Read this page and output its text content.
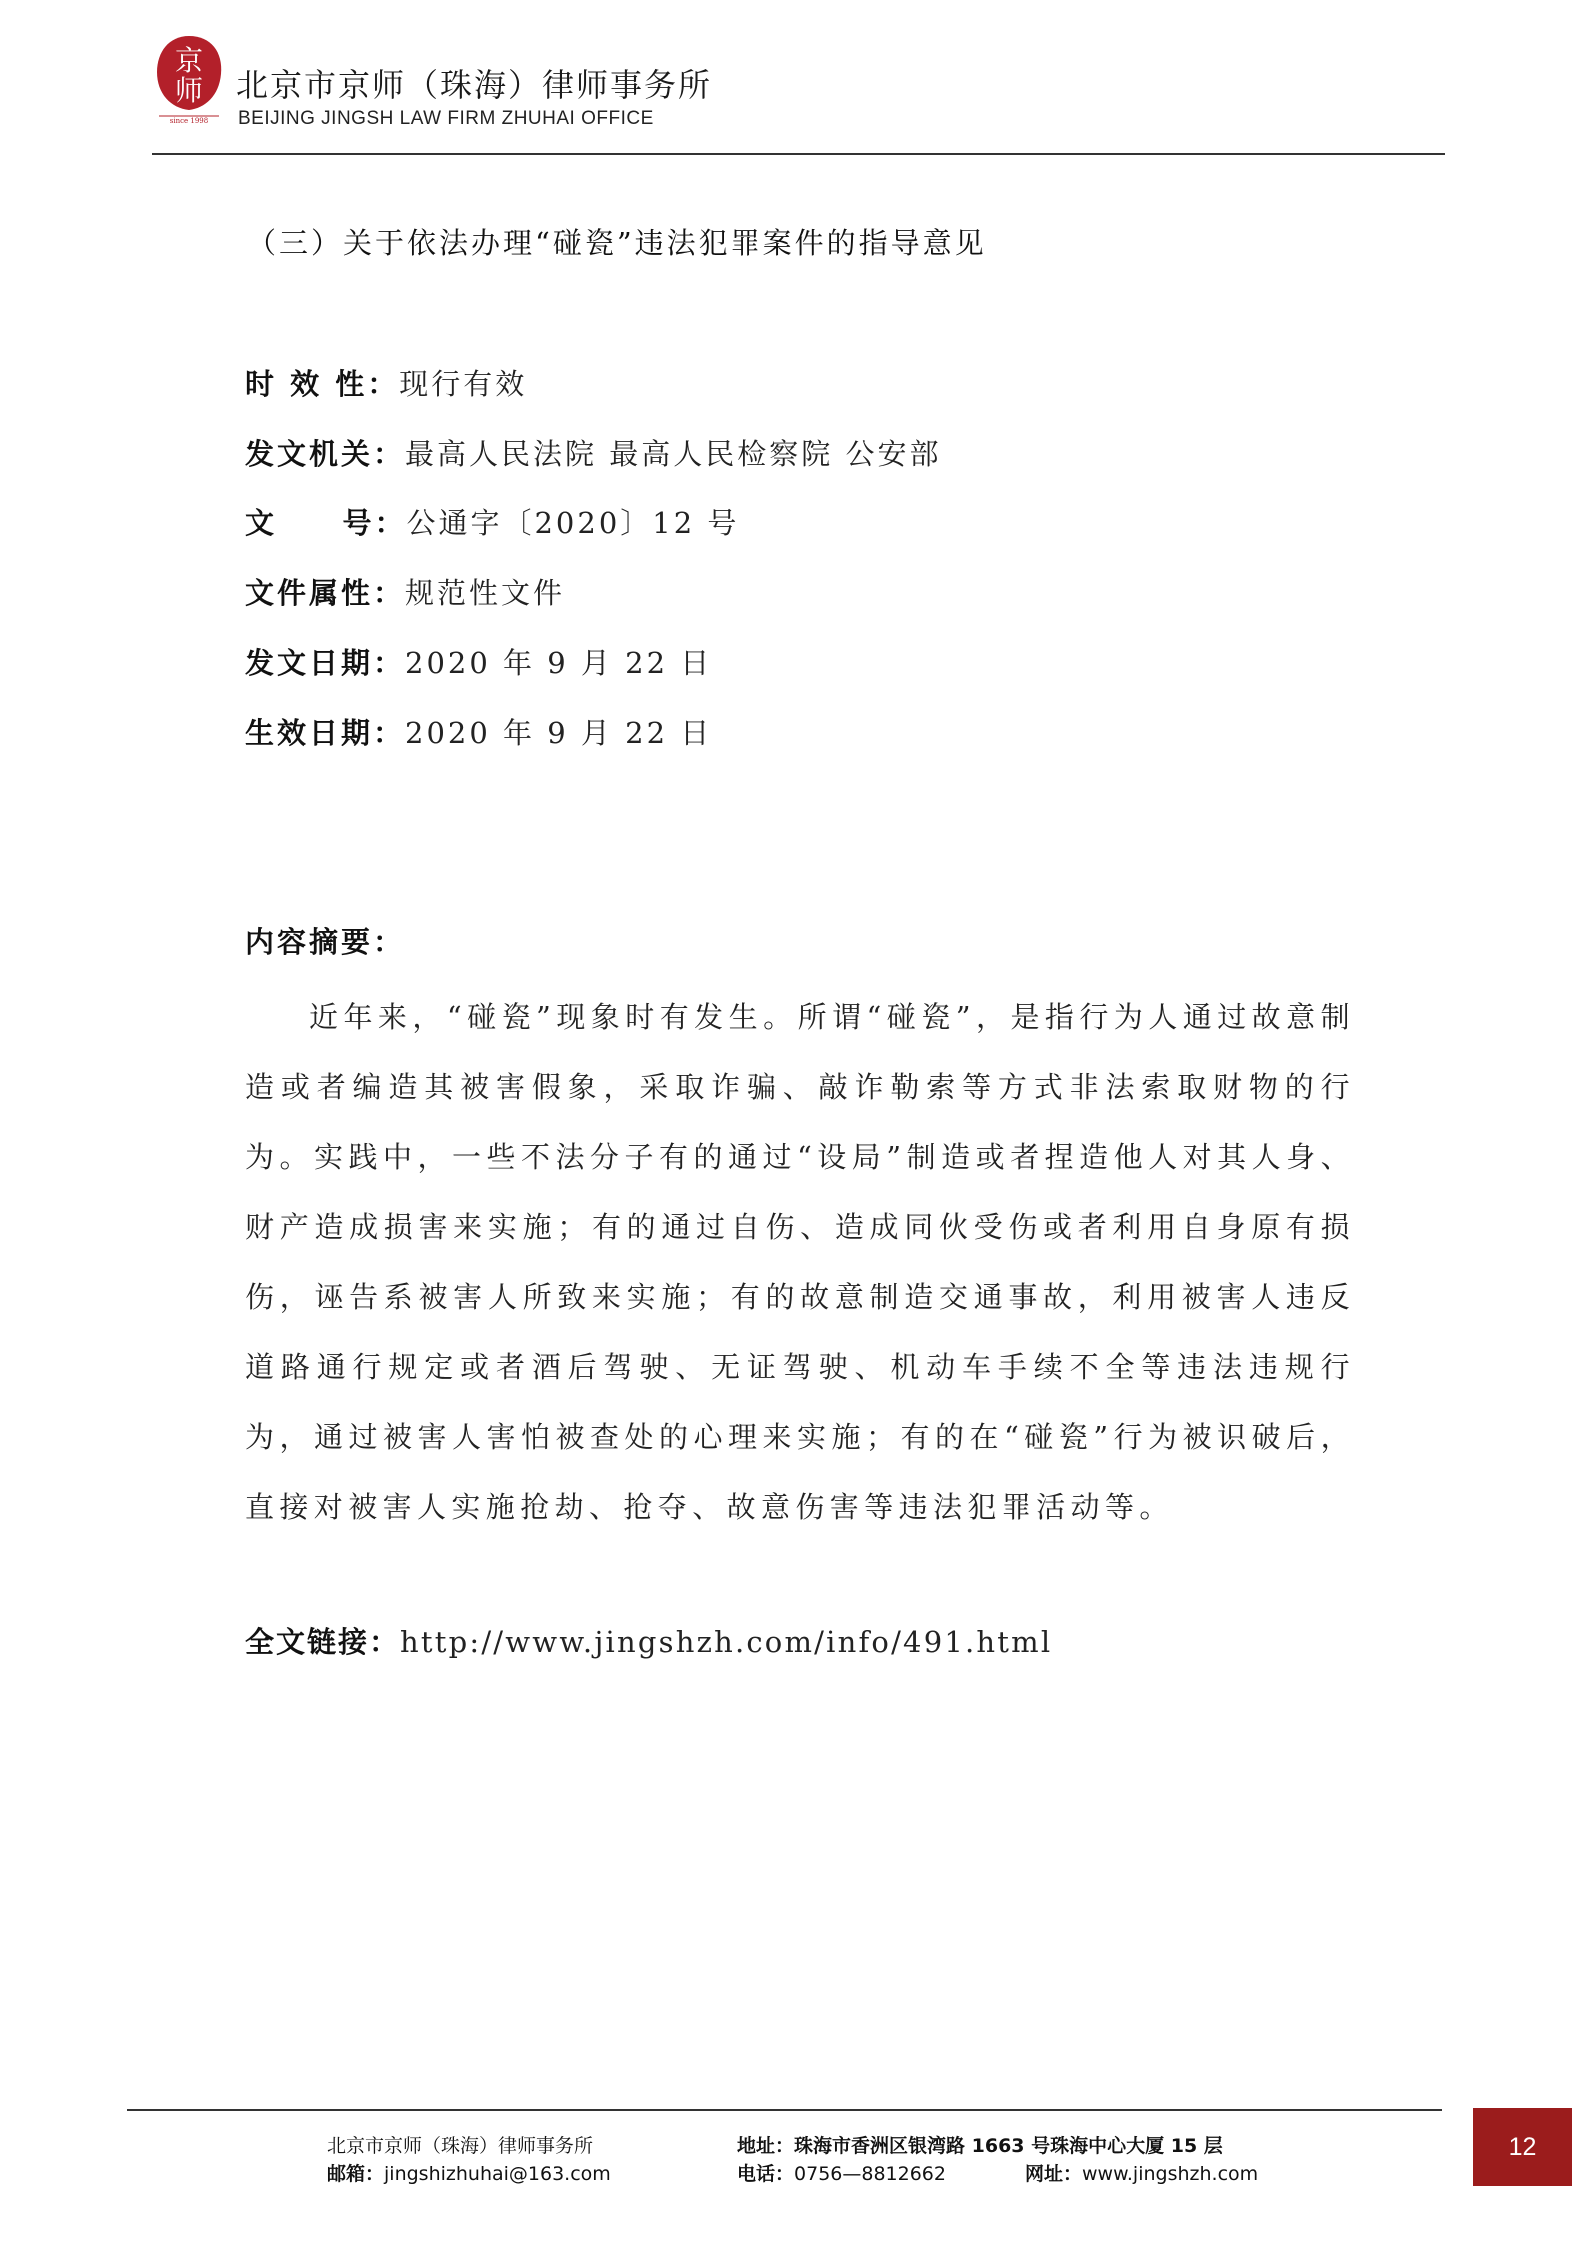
京
师
since 1998
北京市京师（珠海）律师事务所
BEIJING JINGSH LAW FIRM ZHUHAI OFFICE
（三）关于依法办理“碰瓷”违法犯罪案件的指导意见
时 效 性：现行有效
发文机关：最高人民法院 最高人民检察院 公安部
文     号：公通字〔2020〕12 号
文件属性：规范性文件
发文日期：2020 年 9 月 22 日
生效日期：2020 年 9 月 22 日
内容摘要：
近年来，“碰瓷”现象时有发生。所谓“碰瓷”，是指行为人通过故意制造或者编造其被害假象，采取诈骗、敲诈勒索等方式非法索取财物的行为。实践中，一些不法分子有的通过“设局”制造或者捏造他人对其人身、财产造成损害来实施；有的通过自伤、造成同伙受伤或者利用自身原有损伤，诬告系被害人所致来实施；有的故意制造交通事故，利用被害人违反道路通行规定或者酒后驾驶、无证驾驶、机动车手续不全等违法违规行为，通过被害人害怕被查处的心理来实施；有的在“碰瓷”行为被识破后，直接对被害人实施抢劫、抢夺、故意伤害等违法犯罪活动等。
全文链接：http://www.jingshzh.com/info/491.html
北京市京师（珠海）律师事务所	地址：珠海市香洲区银湾路 1663 号珠海中心大厦 15 层
邮箱：jingshizhuhai@163.com	电话：0756—8812662	网址：www.jingshzh.com
12
